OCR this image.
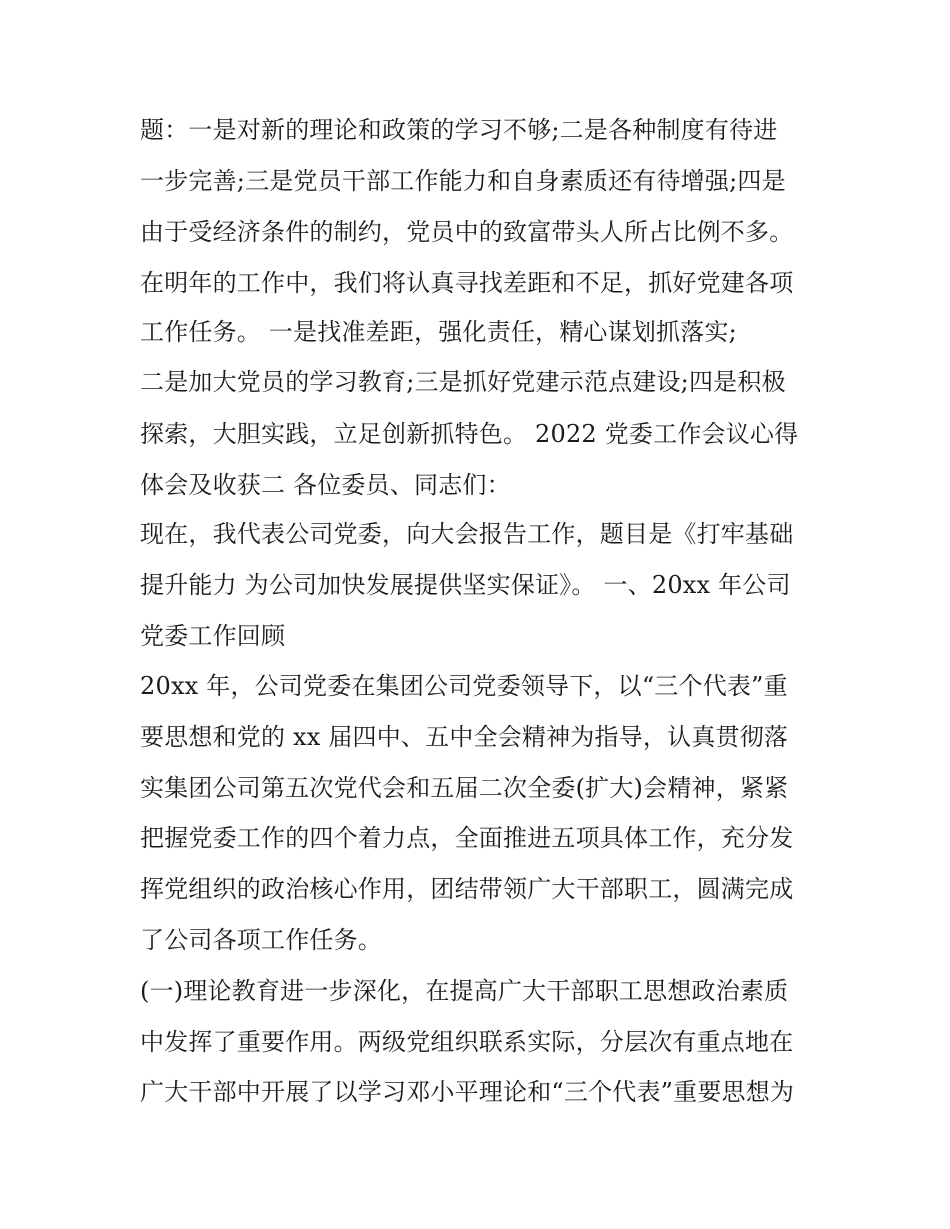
题：一是对新的理论和政策的学习不够;二是各种制度有待进
一步完善;三是党员干部工作能力和自身素质还有待增强;四是
由于受经济条件的制约，党员中的致富带头人所占比例不多。
在明年的工作中，我们将认真寻找差距和不足，抓好党建各项
工作任务。 一是找准差距，强化责任，精心谋划抓落实;
二是加大党员的学习教育;三是抓好党建示范点建设;四是积极
探索，大胆实践，立足创新抓特色。 2022 党委工作会议心得
体会及收获二 各位委员、同志们：
现在，我代表公司党委，向大会报告工作，题目是《打牢基础
提升能力 为公司加快发展提供坚实保证》。 一、20xx 年公司
党委工作回顾
20xx 年，公司党委在集团公司党委领导下，以“三个代表”重
要思想和党的 xx 届四中、五中全会精神为指导，认真贯彻落
实集团公司第五次党代会和五届二次全委(扩大)会精神，紧紧
把握党委工作的四个着力点，全面推进五项具体工作，充分发
挥党组织的政治核心作用，团结带领广大干部职工，圆满完成
了公司各项工作任务。
(一)理论教育进一步深化，在提高广大干部职工思想政治素质
中发挥了重要作用。两级党组织联系实际，分层次有重点地在
广大干部中开展了以学习邓小平理论和“三个代表”重要思想为
